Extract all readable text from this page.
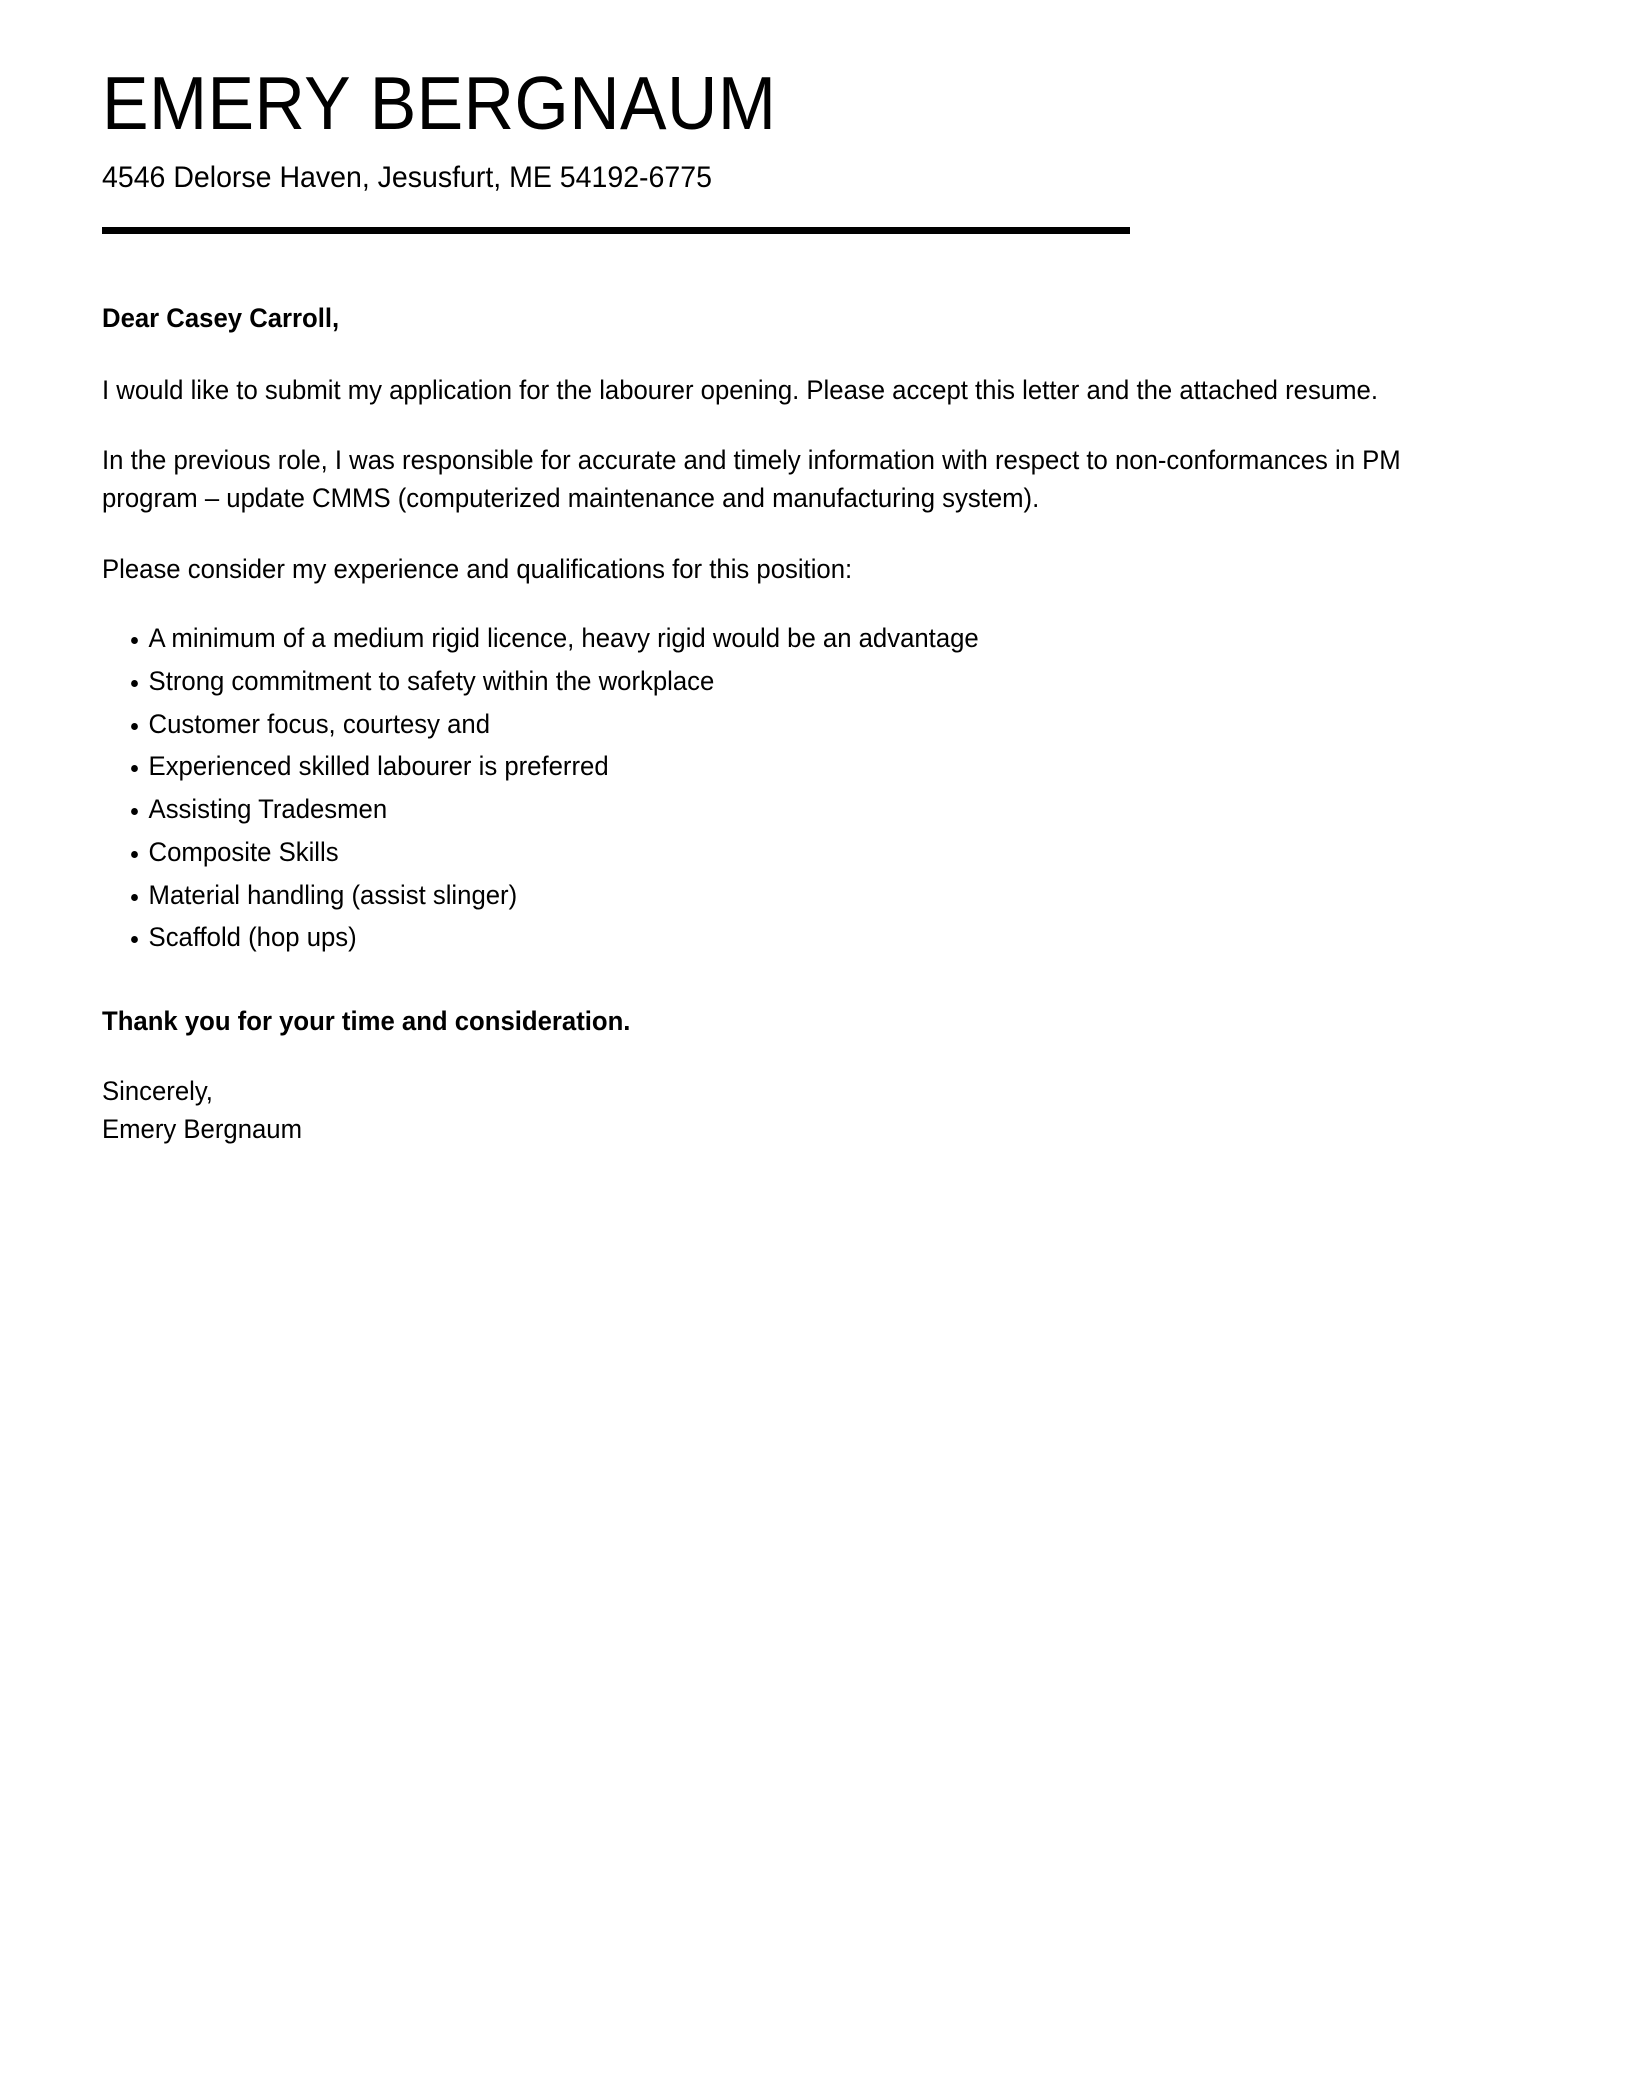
EMERY BERGNAUM
4546 Delorse Haven, Jesusfurt, ME 54192-6775

Dear Casey Carroll,

I would like to submit my application for the labourer opening. Please accept this letter and the attached resume.

In the previous role, I was responsible for accurate and timely information with respect to non-conformances in PM program – update CMMS (computerized maintenance and manufacturing system).

Please consider my experience and qualifications for this position:

A minimum of a medium rigid licence, heavy rigid would be an advantage
Strong commitment to safety within the workplace
Customer focus, courtesy and
Experienced skilled labourer is preferred
Assisting Tradesmen
Composite Skills
Material handling (assist slinger)
Scaffold (hop ups)

Thank you for your time and consideration.

Sincerely,
Emery Bergnaum
